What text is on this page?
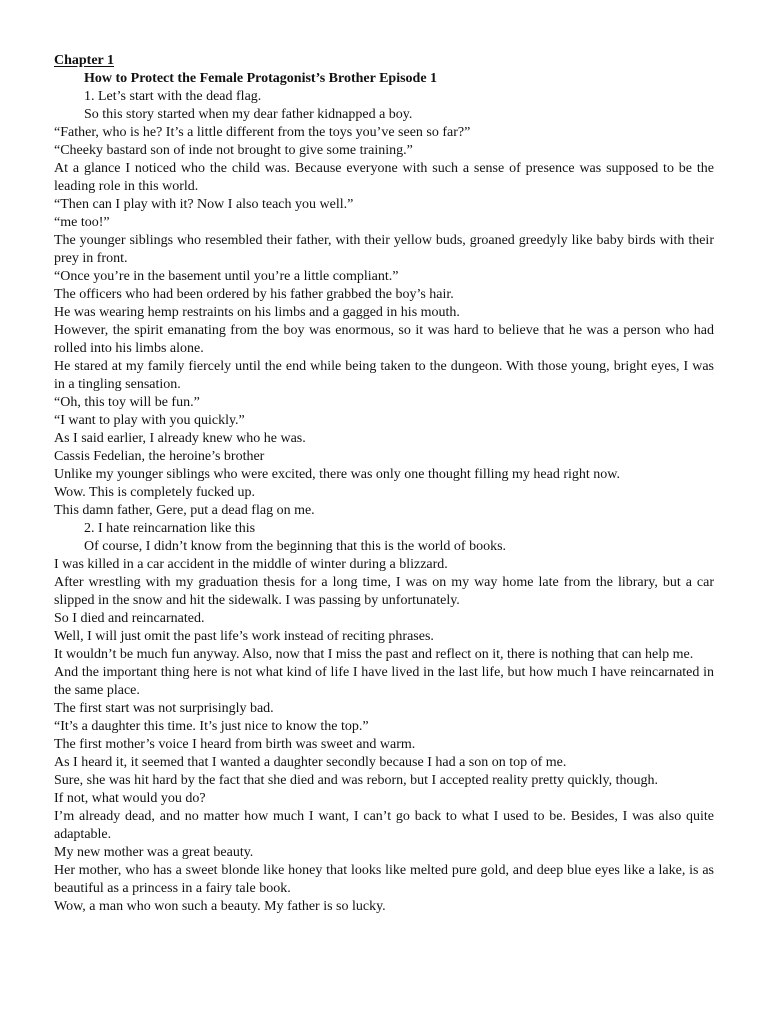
Chapter 1
How to Protect the Female Protagonist’s Brother Episode 1

1. Let’s start with the dead flag.

So this story started when my dear father kidnapped a boy.

“Father, who is he? It’s a little different from the toys you’ve seen so far?”

“Cheeky bastard son of inde not brought to give some training.”

At a glance I noticed who the child was. Because everyone with such a sense of presence was supposed to be the leading role in this world.

“Then can I play with it? Now I also teach you well.”

“me too!”

The younger siblings who resembled their father, with their yellow buds, groaned greedyly like baby birds with their prey in front.

“Once you’re in the basement until you’re a little compliant.”

The officers who had been ordered by his father grabbed the boy’s hair.

He was wearing hemp restraints on his limbs and a gagged in his mouth.

However, the spirit emanating from the boy was enormous, so it was hard to believe that he was a person who had rolled into his limbs alone.

He stared at my family fiercely until the end while being taken to the dungeon. With those young, bright eyes, I was in a tingling sensation.

“Oh, this toy will be fun.”

“I want to play with you quickly.”

As I said earlier, I already knew who he was.

Cassis Fedelian, the heroine’s brother

Unlike my younger siblings who were excited, there was only one thought filling my head right now.

Wow. This is completely fucked up.

This damn father, Gere, put a dead flag on me.

2. I hate reincarnation like this

Of course, I didn’t know from the beginning that this is the world of books.

I was killed in a car accident in the middle of winter during a blizzard.

After wrestling with my graduation thesis for a long time, I was on my way home late from the library, but a car slipped in the snow and hit the sidewalk. I was passing by unfortunately.

So I died and reincarnated.

Well, I will just omit the past life’s work instead of reciting phrases.

It wouldn’t be much fun anyway. Also, now that I miss the past and reflect on it, there is nothing that can help me.

And the important thing here is not what kind of life I have lived in the last life, but how much I have reincarnated in the same place.

The first start was not surprisingly bad.

“It’s a daughter this time. It’s just nice to know the top.”

The first mother’s voice I heard from birth was sweet and warm.

As I heard it, it seemed that I wanted a daughter secondly because I had a son on top of me.

Sure, she was hit hard by the fact that she died and was reborn, but I accepted reality pretty quickly, though.

If not, what would you do?

I’m already dead, and no matter how much I want, I can’t go back to what I used to be. Besides, I was also quite adaptable.

My new mother was a great beauty.

Her mother, who has a sweet blonde like honey that looks like melted pure gold, and deep blue eyes like a lake, is as beautiful as a princess in a fairy tale book.

Wow, a man who won such a beauty. My father is so lucky.
